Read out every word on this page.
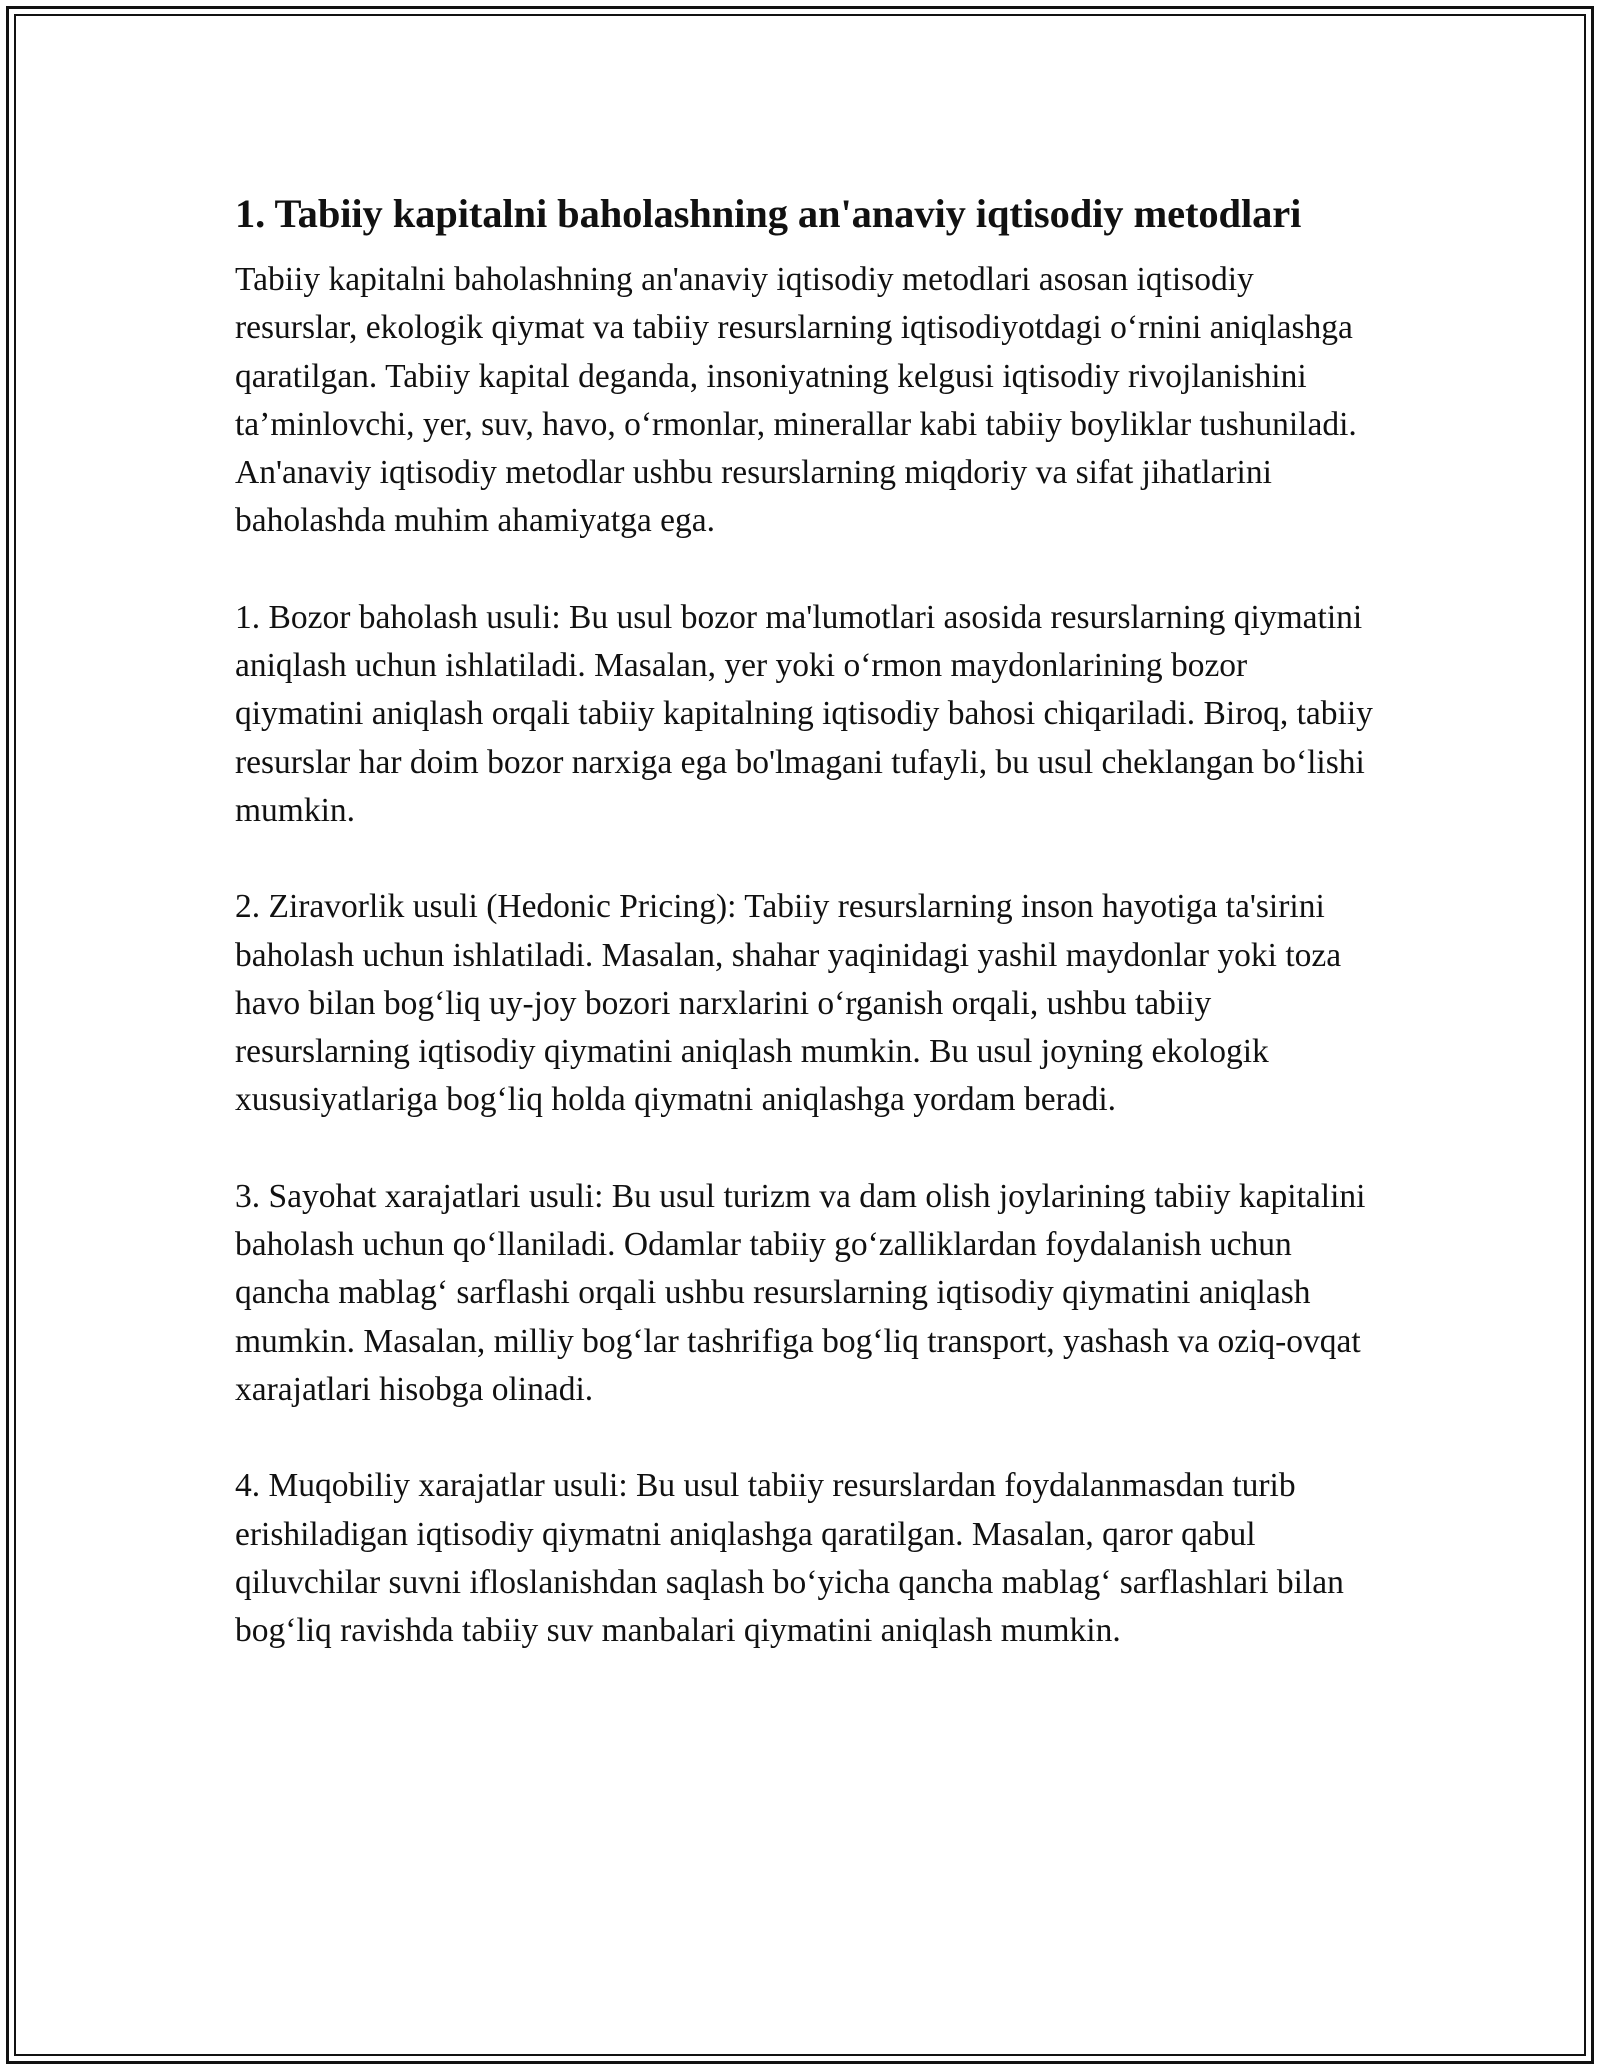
1. Tabiiy kapitalni baholashning an'anaviy iqtisodiy metodlari

Tabiiy kapitalni baholashning an'anaviy iqtisodiy metodlari asosan iqtisodiy resurslar, ekologik qiymat va tabiiy resurslarning iqtisodiyotdagi o‘rnini aniqlashga qaratilgan. Tabiiy kapital deganda, insoniyatning kelgusi iqtisodiy rivojlanishini ta’minlovchi, yer, suv, havo, o‘rmonlar, minerallar kabi tabiiy boyliklar tushuniladi. An'anaviy iqtisodiy metodlar ushbu resurslarning miqdoriy va sifat jihatlarini baholashda muhim ahamiyatga ega.

1. Bozor baholash usuli: Bu usul bozor ma'lumotlari asosida resurslarning qiymatini aniqlash uchun ishlatiladi. Masalan, yer yoki o‘rmon maydonlarining bozor qiymatini aniqlash orqali tabiiy kapitalning iqtisodiy bahosi chiqariladi. Biroq, tabiiy resurslar har doim bozor narxiga ega bo'lmagani tufayli, bu usul cheklangan bo‘lishi mumkin.

2. Ziravorlik usuli (Hedonic Pricing): Tabiiy resurslarning inson hayotiga ta'sirini baholash uchun ishlatiladi. Masalan, shahar yaqinidagi yashil maydonlar yoki toza havo bilan bog‘liq uy-joy bozori narxlarini o‘rganish orqali, ushbu tabiiy resurslarning iqtisodiy qiymatini aniqlash mumkin. Bu usul joyning ekologik xususiyatlariga bog‘liq holda qiymatni aniqlashga yordam beradi.

3. Sayohat xarajatlari usuli: Bu usul turizm va dam olish joylarining tabiiy kapitalini baholash uchun qo‘llaniladi. Odamlar tabiiy go‘zalliklardan foydalanish uchun qancha mablag‘ sarflashi orqali ushbu resurslarning iqtisodiy qiymatini aniqlash mumkin. Masalan, milliy bog‘lar tashrifiga bog‘liq transport, yashash va oziq-ovqat xarajatlari hisobga olinadi.

4. Muqobiliy xarajatlar usuli: Bu usul tabiiy resurslardan foydalanmasdan turib erishiladigan iqtisodiy qiymatni aniqlashga qaratilgan. Masalan, qaror qabul qiluvchilar suvni ifloslanishdan saqlash bo‘yicha qancha mablag‘ sarflashlari bilan bog‘liq ravishda tabiiy suv manbalari qiymatini aniqlash mumkin.
